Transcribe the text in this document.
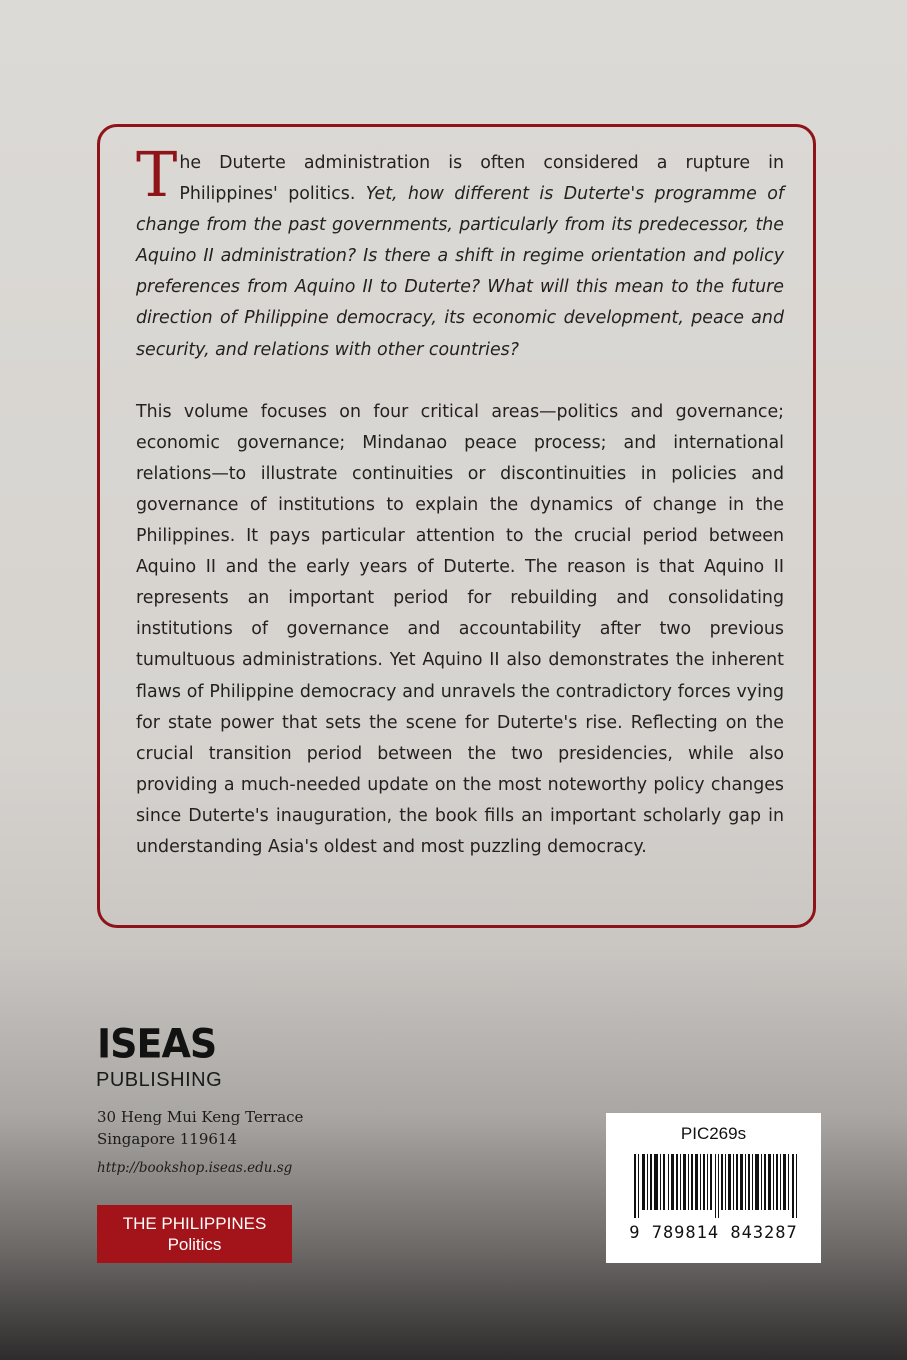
The Duterte administration is often considered a rupture in Philippines' politics. Yet, how different is Duterte's programme of change from the past governments, particularly from its predecessor, the Aquino II administration? Is there a shift in regime orientation and policy preferences from Aquino II to Duterte? What will this mean to the future direction of Philippine democracy, its economic development, peace and security, and relations with other countries?

This volume focuses on four critical areas—politics and governance; economic governance; Mindanao peace process; and international relations—to illustrate continuities or discontinuities in policies and governance of institutions to explain the dynamics of change in the Philippines. It pays particular attention to the crucial period between Aquino II and the early years of Duterte. The reason is that Aquino II represents an important period for rebuilding and consolidating institutions of governance and accountability after two previous tumultuous administrations. Yet Aquino II also demonstrates the inherent flaws of Philippine democracy and unravels the contradictory forces vying for state power that sets the scene for Duterte's rise. Reflecting on the crucial transition period between the two presidencies, while also providing a much-needed update on the most noteworthy policy changes since Duterte's inauguration, the book fills an important scholarly gap in understanding Asia's oldest and most puzzling democracy.

ISEAS
PUBLISHING
30 Heng Mui Keng Terrace
Singapore 119614
http://bookshop.iseas.edu.sg
THE PHILIPPINES
Politics
PIC269s
9 789814 843287
